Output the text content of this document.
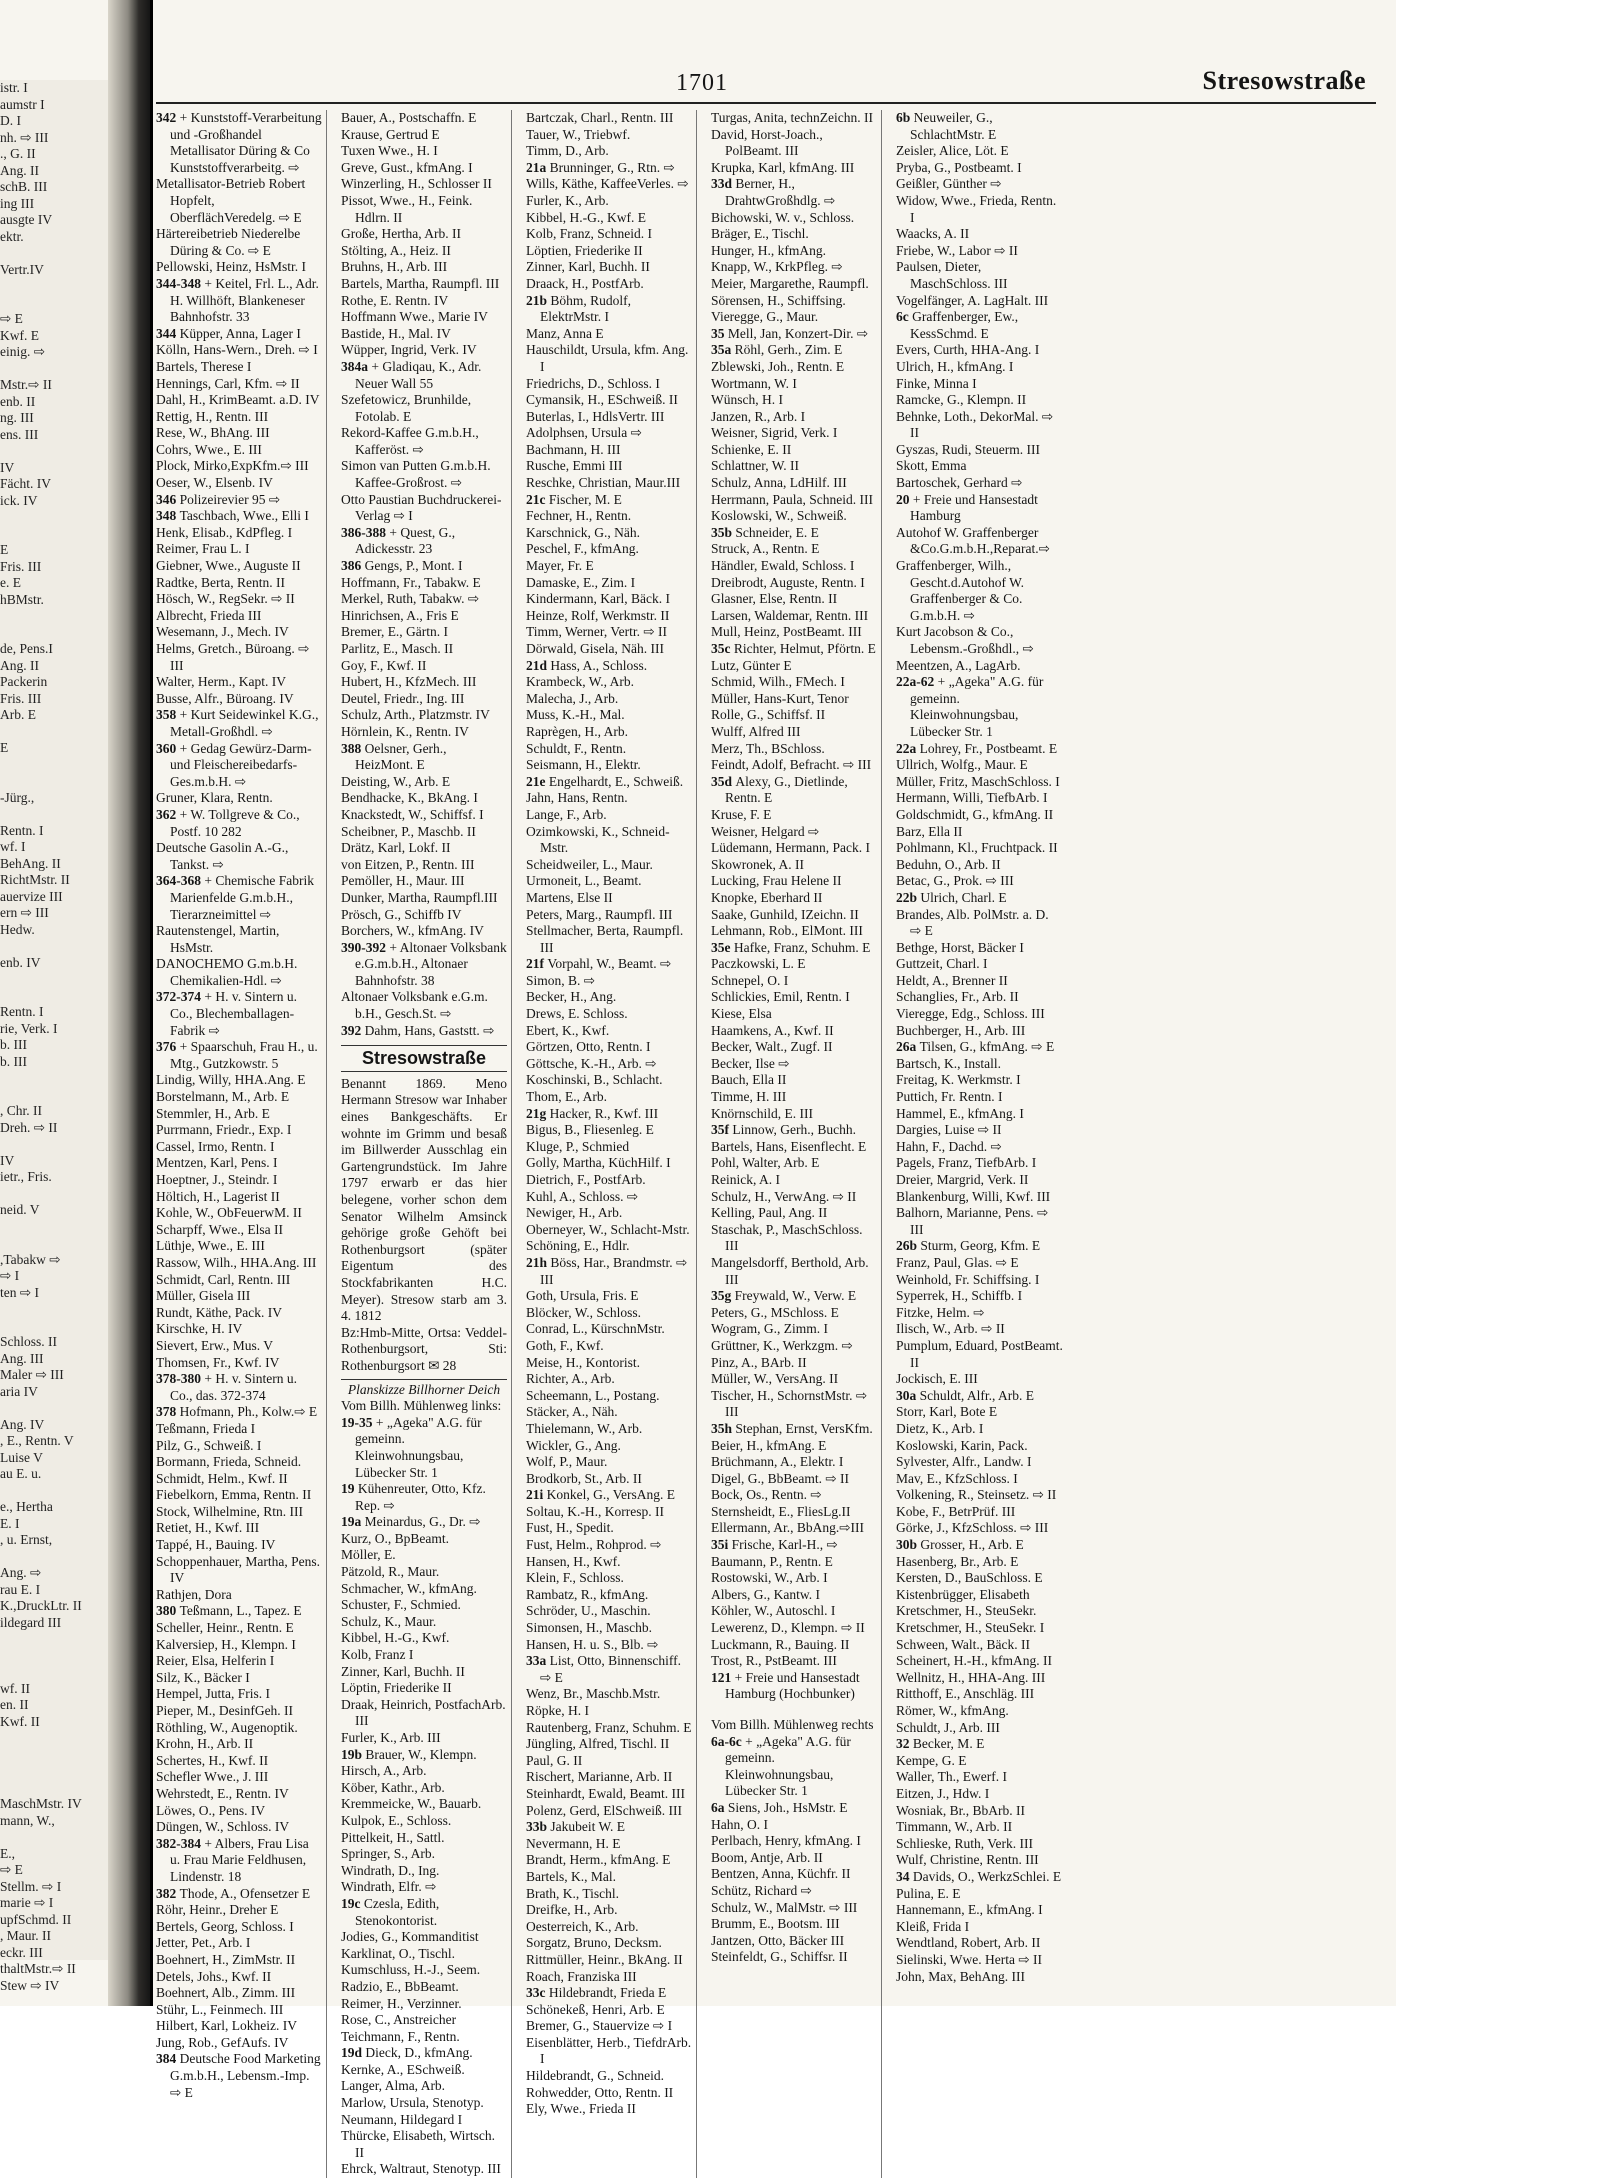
istr. I
aumstr I
D. I
nh. ⇨ III
., G. II
Ang. II
schB. III
ing III
ausgte IV
ektr.

Vertr.IV

⇨ E
Kwf. E
einig. ⇨

Mstr.⇨ II
enb. II
ng. III
ens. III

IV
Fächt. IV
ick. IV

E
Fris. III
e. E
hBMstr.

de, Pens.I
Ang. II
Packerin
Fris. III
Arb. E

E

-Jürg.,

Rentn. I
wf. I
BehAng. II
RichtMstr. II
auervize III
ern ⇨ III
Hedw.

enb. IV

Rentn. I
rie, Verk. I
b. III
b. III

, Chr. II
Dreh. ⇨ II

IV
ietr., Fris.

neid. V

,Tabakw ⇨
⇨ I
ten ⇨ I

Schloss. II
Ang. III
Maler ⇨ III
aria IV

Ang. IV
, E., Rentn. V
Luise V
au E. u.

e., Hertha
E. I
, u. Ernst,

Ang. ⇨
rau E. I
K.,DruckLtr. II
ildegard III

wf. II
en. II
Kwf. II

MaschMstr. IV
mann, W.,

E.,
⇨ E
Stellm. ⇨ I
marie ⇨ I
upfSchmd. II
, Maur. II
eckr. III
thaltMstr.⇨ II
Stew ⇨ IV
1701	Stresowstraße
342 + Kunststoff-Verarbeitung und -Großhandel Metallisator Düring & Co Kunststoffverarbeitg. ⇨
Metallisator-Betrieb Robert Hopfelt, OberflächVeredelg. ⇨ E
Härtereibetrieb Niederelbe Düring & Co. ⇨ E
Pellowski, Heinz, HsMstr. I
344-348 + Keitel, Frl. L., Adr. H. Willhöft, Blankeneser Bahnhofstr. 33
344 Küpper, Anna, Lager I
Kölln, Hans-Wern., Dreh. ⇨ I
Bartels, Therese I
Hennings, Carl, Kfm. ⇨ II
Dahl, H., KrimBeamt. a.D. IV
Rettig, H., Rentn. III
Rese, W., BhAng. III
Cohrs, Wwe., E. III
Plock, Mirko,ExpKfm.⇨ III
Oeser, W., Elsenb. IV
346 Polizeirevier 95 ⇨
348 Taschbach, Wwe., Elli I
Henk, Elisab., KdPfleg. I
Reimer, Frau L. I
Giebner, Wwe., Auguste II
Radtke, Berta, Rentn. II
Hösch, W., RegSekr. ⇨ II
Albrecht, Frieda III
Wesemann, J., Mech. IV
Helms, Gretch., Büroang. ⇨ III
Walter, Herm., Kapt. IV
Busse, Alfr., Büroang. IV
358 + Kurt Seidewinkel K.G., Metall-Großhdl. ⇨
360 + Gedag Gewürz-Darm- und Fleischereibedarfs-Ges.m.b.H. ⇨
Gruner, Klara, Rentn.
362 + W. Tollgreve & Co., Postf. 10 282
Deutsche Gasolin A.-G., Tankst. ⇨
364-368 + Chemische Fabrik Marienfelde G.m.b.H., Tierarzneimittel ⇨
Rautenstengel, Martin, HsMstr.
DANOCHEMO G.m.b.H. Chemikalien-Hdl. ⇨
372-374 + H. v. Sintern u. Co., Blechemballagen-Fabrik ⇨
376 + Spaarschuh, Frau H., u. Mtg., Gutzkowstr. 5
Lindig, Willy, HHA.Ang. E
Borstelmann, M., Arb. E
Stemmler, H., Arb. E
Purrmann, Friedr., Exp. I
Cassel, Irmo, Rentn. I
Mentzen, Karl, Pens. I
Hoeptner, J., Steindr. I
Höltich, H., Lagerist II
Kohle, W., ObFeuerwM. II
Scharpff, Wwe., Elsa II
Lüthje, Wwe., E. III
Rassow, Wilh., HHA.Ang. III
Schmidt, Carl, Rentn. III
Müller, Gisela III
Rundt, Käthe, Pack. IV
Kirschke, H. IV
Sievert, Erw., Mus. V
Thomsen, Fr., Kwf. IV
378-380 + H. v. Sintern u. Co., das. 372-374
378 Hofmann, Ph., Kolw.⇨ E
Teßmann, Frieda I
Pilz, G., Schweiß. I
Bormann, Frieda, Schneid.
Schmidt, Helm., Kwf. II
Fiebelkorn, Emma, Rentn. II
Stock, Wilhelmine, Rtn. III
Retiet, H., Kwf. III
Tappé, H., Bauing. IV
Schoppenhauer, Martha, Pens. IV
Rathjen, Dora
380 Teßmann, L., Tapez. E
Scheller, Heinr., Rentn. E
Kalversiep, H., Klempn. I
Reier, Elsa, Helferin I
Silz, K., Bäcker I
Hempel, Jutta, Fris. I
Pieper, M., DesinfGeh. II
Röthling, W., Augenoptik.
Krohn, H., Arb. II
Schertes, H., Kwf. II
Schefler Wwe., J. III
Wehrstedt, E., Rentn. IV
Löwes, O., Pens. IV
Düngen, W., Schloss. IV
382-384 + Albers, Frau Lisa u. Frau Marie Feldhusen, Lindenstr. 18
382 Thode, A., Ofensetzer E
Röhr, Heinr., Dreher E
Bertels, Georg, Schloss. I
Jetter, Pet., Arb. I
Boehnert, H., ZimMstr. II
Detels, Johs., Kwf. II
Boehnert, Alb., Zimm. III
Stühr, L., Feinmech. III
Hilbert, Karl, Lokheiz. IV
Jung, Rob., GefAufs. IV
384 Deutsche Food Marketing G.m.b.H., Lebensm.-Imp. ⇨ E
Bauer, A., Postschaffn. E
Krause, Gertrud E
Tuxen Wwe., H. I
Greve, Gust., kfmAng. I
Winzerling, H., Schlosser II
Pissot, Wwe., H., Feink. Hdlrn. II
Große, Hertha, Arb. II
Stölting, A., Heiz. II
Bruhns, H., Arb. III
Bartels, Martha, Raumpfl. III
Rothe, E. Rentn. IV
Hoffmann Wwe., Marie IV
Bastide, H., Mal. IV
Wüpper, Ingrid, Verk. IV
384a + Gladiqau, K., Adr. Neuer Wall 55
Szefetowicz, Brunhilde, Fotolab. E
Rekord-Kaffee G.m.b.H., Kafferöst. ⇨
Simon van Putten G.m.b.H. Kaffee-Großrost. ⇨
Otto Paustian Buchdruckerei-Verlag ⇨ I
386-388 + Quest, G., Adickesstr. 23
386 Gengs, P., Mont. I
Hoffmann, Fr., Tabakw. E
Merkel, Ruth, Tabakw. ⇨
Hinrichsen, A., Fris E
Bremer, E., Gärtn. I
Parlitz, E., Masch. II
Goy, F., Kwf. II
Hubert, H., KfzMech. III
Deutel, Friedr., Ing. III
Schulz, Arth., Platzmstr. IV
Hörnlein, K., Rentn. IV
388 Oelsner, Gerh., HeizMont. E
Deisting, W., Arb. E
Bendhacke, K., BkAng. I
Knackstedt, W., Schiffsf. I
Scheibner, P., Maschb. II
Drätz, Karl, Lokf. II
von Eitzen, P., Rentn. III
Pemöller, H., Maur. III
Dunker, Martha, Raumpfl.III
Prösch, G., Schiffb IV
Borchers, W., kfmAng. IV
390-392 + Altonaer Volksbank e.G.m.b.H., Altonaer Bahnhofstr. 38
Altonaer Volksbank e.G.m. b.H., Gesch.St. ⇨
392 Dahm, Hans, Gaststt. ⇨
Stresowstraße
Benannt 1869. Meno Hermann Stresow war Inhaber eines Bankgeschäfts. Er wohnte im Grimm und besaß im Billwerder Ausschlag ein Gartengrundstück. Im Jahre 1797 erwarb er das hier belegene, vorher schon dem Senator Wilhelm Amsinck gehörige große Gehöft bei Rothenburgsort (später Eigentum des Stockfabrikanten H.C. Meyer). Stresow starb am 3. 4. 1812
Bz:Hmb-Mitte, Ortsa: Veddel-Rothenburgsort, Sti: Rothenburgsort ✉ 28
Planskizze Billhorner Deich
Vom Billh. Mühlenweg links:
19-35 + „Ageka" A.G. für gemeinn. Kleinwohnungsbau, Lübecker Str. 1
19 Kühenreuter, Otto, Kfz. Rep. ⇨
19a Meinardus, G., Dr. ⇨
Kurz, O., BpBeamt.
Möller, E.
Pätzold, R., Maur.
Schmacher, W., kfmAng.
Schuster, F., Schmied.
Schulz, K., Maur.
Kibbel, H.-G., Kwf.
Kolb, Franz I
Zinner, Karl, Buchh. II
Löptin, Friederike II
Draak, Heinrich, PostfachArb. III
Furler, K., Arb. III
19b Brauer, W., Klempn.
Hirsch, A., Arb.
Köber, Kathr., Arb.
Kremmeicke, W., Bauarb.
Kulpok, E., Schloss.
Pittelkeit, H., Sattl.
Springer, S., Arb.
Windrath, D., Ing.
Windrath, Elfr. ⇨
19c Czesla, Edith, Stenokontorist.
Jodies, G., Kommanditist
Karklinat, O., Tischl.
Kumschluss, H.-J., Seem.
Radzio, E., BbBeamt.
Reimer, H., Verzinner.
Rose, C., Anstreicher
Teichmann, F., Rentn.
19d Dieck, D., kfmAng.
Kernke, A., ESchweiß.
Langer, Alma, Arb.
Marlow, Ursula, Stenotyp.
Neumann, Hildegard I
Thürcke, Elisabeth, Wirtsch. II
Ehrck, Waltraut, Stenotyp. III
Bartczak, Charl., Rentn. III
Tauer, W., Triebwf.
Timm, D., Arb.
21a Brunninger, G., Rtn. ⇨
Wills, Käthe, KaffeeVerles. ⇨
Furler, K., Arb.
Kibbel, H.-G., Kwf. E
Kolb, Franz, Schneid. I
Löptien, Friederike II
Zinner, Karl, Buchh. II
Draack, H., PostfArb.
21b Böhm, Rudolf, ElektrMstr. I
Manz, Anna E
Hauschildt, Ursula, kfm. Ang. I
Friedrichs, D., Schloss. I
Cymansik, H., ESchweiß. II
Buterlas, I., HdlsVertr. III
Adolphsen, Ursula ⇨
Bachmann, H. III
Rusche, Emmi III
Reschke, Christian, Maur.III
21c Fischer, M. E
Fechner, H., Rentn.
Karschnick, G., Näh.
Peschel, F., kfmAng.
Mayer, Fr. E
Damaske, E., Zim. I
Kindermann, Karl, Bäck. I
Heinze, Rolf, Werkmstr. II
Timm, Werner, Vertr. ⇨ II
Dörwald, Gisela, Näh. III
21d Hass, A., Schloss.
Krambeck, W., Arb.
Malecha, J., Arb.
Muss, K.-H., Mal.
Raprègen, H., Arb.
Schuldt, F., Rentn.
Seismann, H., Elektr.
21e Engelhardt, E., Schweiß.
Jahn, Hans, Rentn.
Lange, F., Arb.
Ozimkowski, K., Schneid-Mstr.
Scheidweiler, L., Maur.
Urmoneit, L., Beamt.
Martens, Else II
Peters, Marg., Raumpfl. III
Stellmacher, Berta, Raumpfl. III
21f Vorpahl, W., Beamt. ⇨
Simon, B. ⇨
Becker, H., Ang.
Drews, E. Schloss.
Ebert, K., Kwf.
Görtzen, Otto, Rentn. I
Göttsche, K.-H., Arb. ⇨
Koschinski, B., Schlacht.
Thom, E., Arb.
21g Hacker, R., Kwf. III
Bigus, B., Fliesenleg. E
Kluge, P., Schmied
Golly, Martha, KüchHilf. I
Dietrich, F., PostfArb.
Kuhl, A., Schloss. ⇨
Newiger, H., Arb.
Oberneyer, W., Schlacht-Mstr.
Schöning, E., Hdlr.
21h Böss, Har., Brandmstr. ⇨ III
Goth, Ursula, Fris. E
Blöcker, W., Schloss.
Conrad, L., KürschnMstr.
Goth, F., Kwf.
Meise, H., Kontorist.
Richter, A., Arb.
Scheemann, L., Postang.
Stäcker, A., Näh.
Thielemann, W., Arb.
Wickler, G., Ang.
Wolf, P., Maur.
Brodkorb, St., Arb. II
21i Konkel, G., VersAng. E
Soltau, K.-H., Korresp. II
Fust, H., Spedit.
Fust, Helm., Rohprod. ⇨
Hansen, H., Kwf.
Klein, F., Schloss.
Rambatz, R., kfmAng.
Schröder, U., Maschin.
Simonsen, H., Maschb.
Hansen, H. u. S., Blb. ⇨
33a List, Otto, Binnenschiff. ⇨ E
Wenz, Br., Maschb.Mstr.
Röpke, H. I
Rautenberg, Franz, Schuhm. E
Jüngling, Alfred, Tischl. II
Paul, G. II
Rischert, Marianne, Arb. II
Steinhardt, Ewald, Beamt. III
Polenz, Gerd, ElSchweiß. III
33b Jakubeit W. E
Nevermann, H. E
Brandt, Herm., kfmAng. E
Bartels, K., Mal.
Brath, K., Tischl.
Dreifke, H., Arb.
Oesterreich, K., Arb.
Sorgatz, Bruno, Decksm.
Rittmüller, Heinr., BkAng. II
Roach, Franziska III
33c Hildebrandt, Frieda E
Schönekeß, Henri, Arb. E
Bremer, G., Stauervize ⇨ I
Eisenblätter, Herb., TiefdrArb. I
Hildebrandt, G., Schneid.
Rohwedder, Otto, Rentn. II
Ely, Wwe., Frieda II
Turgas, Anita, technZeichn. II
David, Horst-Joach., PolBeamt. III
Krupka, Karl, kfmAng. III
33d Berner, H., DrahtwGroßhdlg. ⇨
Bichowski, W. v., Schloss.
Bräger, E., Tischl.
Hunger, H., kfmAng.
Knapp, W., KrkPfleg. ⇨
Meier, Margarethe, Raumpfl.
Sörensen, H., Schiffsing.
Vieregge, G., Maur.
35 Mell, Jan, Konzert-Dir. ⇨
35a Röhl, Gerh., Zim. E
Zblewski, Joh., Rentn. E
Wortmann, W. I
Wünsch, H. I
Janzen, R., Arb. I
Weisner, Sigrid, Verk. I
Schienke, E. II
Schlattner, W. II
Schulz, Anna, LdHilf. III
Herrmann, Paula, Schneid. III
Koslowski, W., Schweiß.
35b Schneider, E. E
Struck, A., Rentn. E
Händler, Ewald, Schloss. I
Dreibrodt, Auguste, Rentn. I
Glasner, Else, Rentn. II
Larsen, Waldemar, Rentn. III
Mull, Heinz, PostBeamt. III
35c Richter, Helmut, Pförtn. E
Lutz, Günter E
Schmid, Wilh., FMech. I
Müller, Hans-Kurt, Tenor
Rolle, G., Schiffsf. II
Wulff, Alfred III
Merz, Th., BSchloss.
Feindt, Adolf, Befracht. ⇨ III
35d Alexy, G., Dietlinde, Rentn. E
Kruse, F. E
Weisner, Helgard ⇨
Lüdemann, Hermann, Pack. I
Skowronek, A. II
Lucking, Frau Helene II
Knopke, Eberhard II
Saake, Gunhild, IZeichn. II
Lehmann, Rob., ElMont. III
35e Hafke, Franz, Schuhm. E
Paczkowski, L. E
Schnepel, O. I
Schlickies, Emil, Rentn. I
Kiese, Elsa
Haamkens, A., Kwf. II
Becker, Walt., Zugf. II
Becker, Ilse ⇨
Bauch, Ella II
Timme, H. III
Knörnschild, E. III
35f Linnow, Gerh., Buchh.
Bartels, Hans, Eisenflecht. E
Pohl, Walter, Arb. E
Reinick, A. I
Schulz, H., VerwAng. ⇨ II
Kelling, Paul, Ang. II
Staschak, P., MaschSchloss. III
Mangelsdorff, Berthold, Arb. III
35g Freywald, W., Verw. E
Peters, G., MSchloss. E
Wogram, G., Zimm. I
Grüttner, K., Werkzgm. ⇨
Pinz, A., BArb. II
Müller, W., VersAng. II
Tischer, H., SchornstMstr. ⇨ III
35h Stephan, Ernst, VersKfm.
Beier, H., kfmAng. E
Brüchmann, A., Elektr. I
Digel, G., BbBeamt. ⇨ II
Bock, Os., Rentn. ⇨
Sternsheidt, E., FliesLg.II
Ellermann, Ar., BbAng.⇨III
35i Frische, Karl-H., ⇨
Baumann, P., Rentn. E
Rostowski, W., Arb. I
Albers, G., Kantw. I
Köhler, W., Autoschl. I
Lewerenz, D., Klempn. ⇨ II
Luckmann, R., Bauing. II
Trost, R., PstBeamt. III
121 + Freie und Hansestadt Hamburg (Hochbunker)
Vom Billh. Mühlenweg rechts
6a-6c + „Ageka" A.G. für gemeinn. Kleinwohnungsbau, Lübecker Str. 1
6a Siens, Joh., HsMstr. E
Hahn, O. I
Perlbach, Henry, kfmAng. I
Boom, Antje, Arb. II
Bentzen, Anna, Küchfr. II
Schütz, Richard ⇨
Schulz, W., MalMstr. ⇨ III
Brumm, E., Bootsm. III
Jantzen, Otto, Bäcker III
Steinfeldt, G., Schiffsr. II
6b Neuweiler, G., SchlachtMstr. E
Zeisler, Alice, Löt. E
Pryba, G., Postbeamt. I
Geißler, Günther ⇨
Widow, Wwe., Frieda, Rentn. I
Waacks, A. II
Friebe, W., Labor ⇨ II
Paulsen, Dieter, MaschSchloss. III
Vogelfänger, A. LagHalt. III
6c Graffenberger, Ew., KessSchmd. E
Evers, Curth, HHA-Ang. I
Ulrich, H., kfmAng. I
Finke, Minna I
Ramcke, G., Klempn. II
Behnke, Loth., DekorMal. ⇨ II
Gyszas, Rudi, Steuerm. III
Skott, Emma
Bartoschek, Gerhard ⇨
20 + Freie und Hansestadt Hamburg
Autohof W. Graffenberger &Co.G.m.b.H.,Reparat.⇨
Graffenberger, Wilh., Gescht.d.Autohof W. Graffenberger & Co. G.m.b.H. ⇨
Kurt Jacobson & Co., Lebensm.-Großhdl., ⇨
Meentzen, A., LagArb.
22a-62 + „Ageka" A.G. für gemeinn. Kleinwohnungsbau, Lübecker Str. 1
22a Lohrey, Fr., Postbeamt. E
Ullrich, Wolfg., Maur. E
Müller, Fritz, MaschSchloss. I
Hermann, Willi, TiefbArb. I
Goldschmidt, G., kfmAng. II
Barz, Ella II
Pohlmann, Kl., Fruchtpack. II
Beduhn, O., Arb. II
Betac, G., Prok. ⇨ III
22b Ulrich, Charl. E
Brandes, Alb. PolMstr. a. D. ⇨ E
Bethge, Horst, Bäcker I
Guttzeit, Charl. I
Heldt, A., Brenner II
Schanglies, Fr., Arb. II
Vieregge, Edg., Schloss. III
Buchberger, H., Arb. III
26a Tilsen, G., kfmAng. ⇨ E
Bartsch, K., Install.
Freitag, K. Werkmstr. I
Puttich, Fr. Rentn. I
Hammel, E., kfmAng. I
Dargies, Luise ⇨ II
Hahn, F., Dachd. ⇨
Pagels, Franz, TiefbArb. I
Dreier, Margrid, Verk. II
Blankenburg, Willi, Kwf. III
Balhorn, Marianne, Pens. ⇨ III
26b Sturm, Georg, Kfm. E
Franz, Paul, Glas. ⇨ E
Weinhold, Fr. Schiffsing. I
Syperrek, H., Schiffb. I
Fitzke, Helm. ⇨
Ilisch, W., Arb. ⇨ II
Pumplum, Eduard, PostBeamt. II
Jockisch, E. III
30a Schuldt, Alfr., Arb. E
Storr, Karl, Bote E
Dietz, K., Arb. I
Koslowski, Karin, Pack.
Sylvester, Alfr., Landw. I
Mav, E., KfzSchloss. I
Volkening, R., Steinsetz. ⇨ II
Kobe, F., BetrPrüf. III
Görke, J., KfzSchloss. ⇨ III
30b Grosser, H., Arb. E
Hasenberg, Br., Arb. E
Kersten, D., BauSchloss. E
Kistenbrügger, Elisabeth
Kretschmer, H., SteuSekr.
Kretschmer, H., SteuSekr. I
Schween, Walt., Bäck. II
Scheinert, H.-H., kfmAng. II
Wellnitz, H., HHA-Ang. III
Ritthoff, E., Anschläg. III
Römer, W., kfmAng.
Schuldt, J., Arb. III
32 Becker, M. E
Kempe, G. E
Waller, Th., Ewerf. I
Eitzen, J., Hdw. I
Wosniak, Br., BbArb. II
Timmann, W., Arb. II
Schlieske, Ruth, Verk. III
Wulf, Christine, Rentn. III
34 Davids, O., WerkzSchlei. E
Pulina, E. E
Hannemann, E., kfmAng. I
Kleiß, Frida I
Wendtland, Robert, Arb. II
Sielinski, Wwe. Herta ⇨ II
John, Max, BehAng. III
